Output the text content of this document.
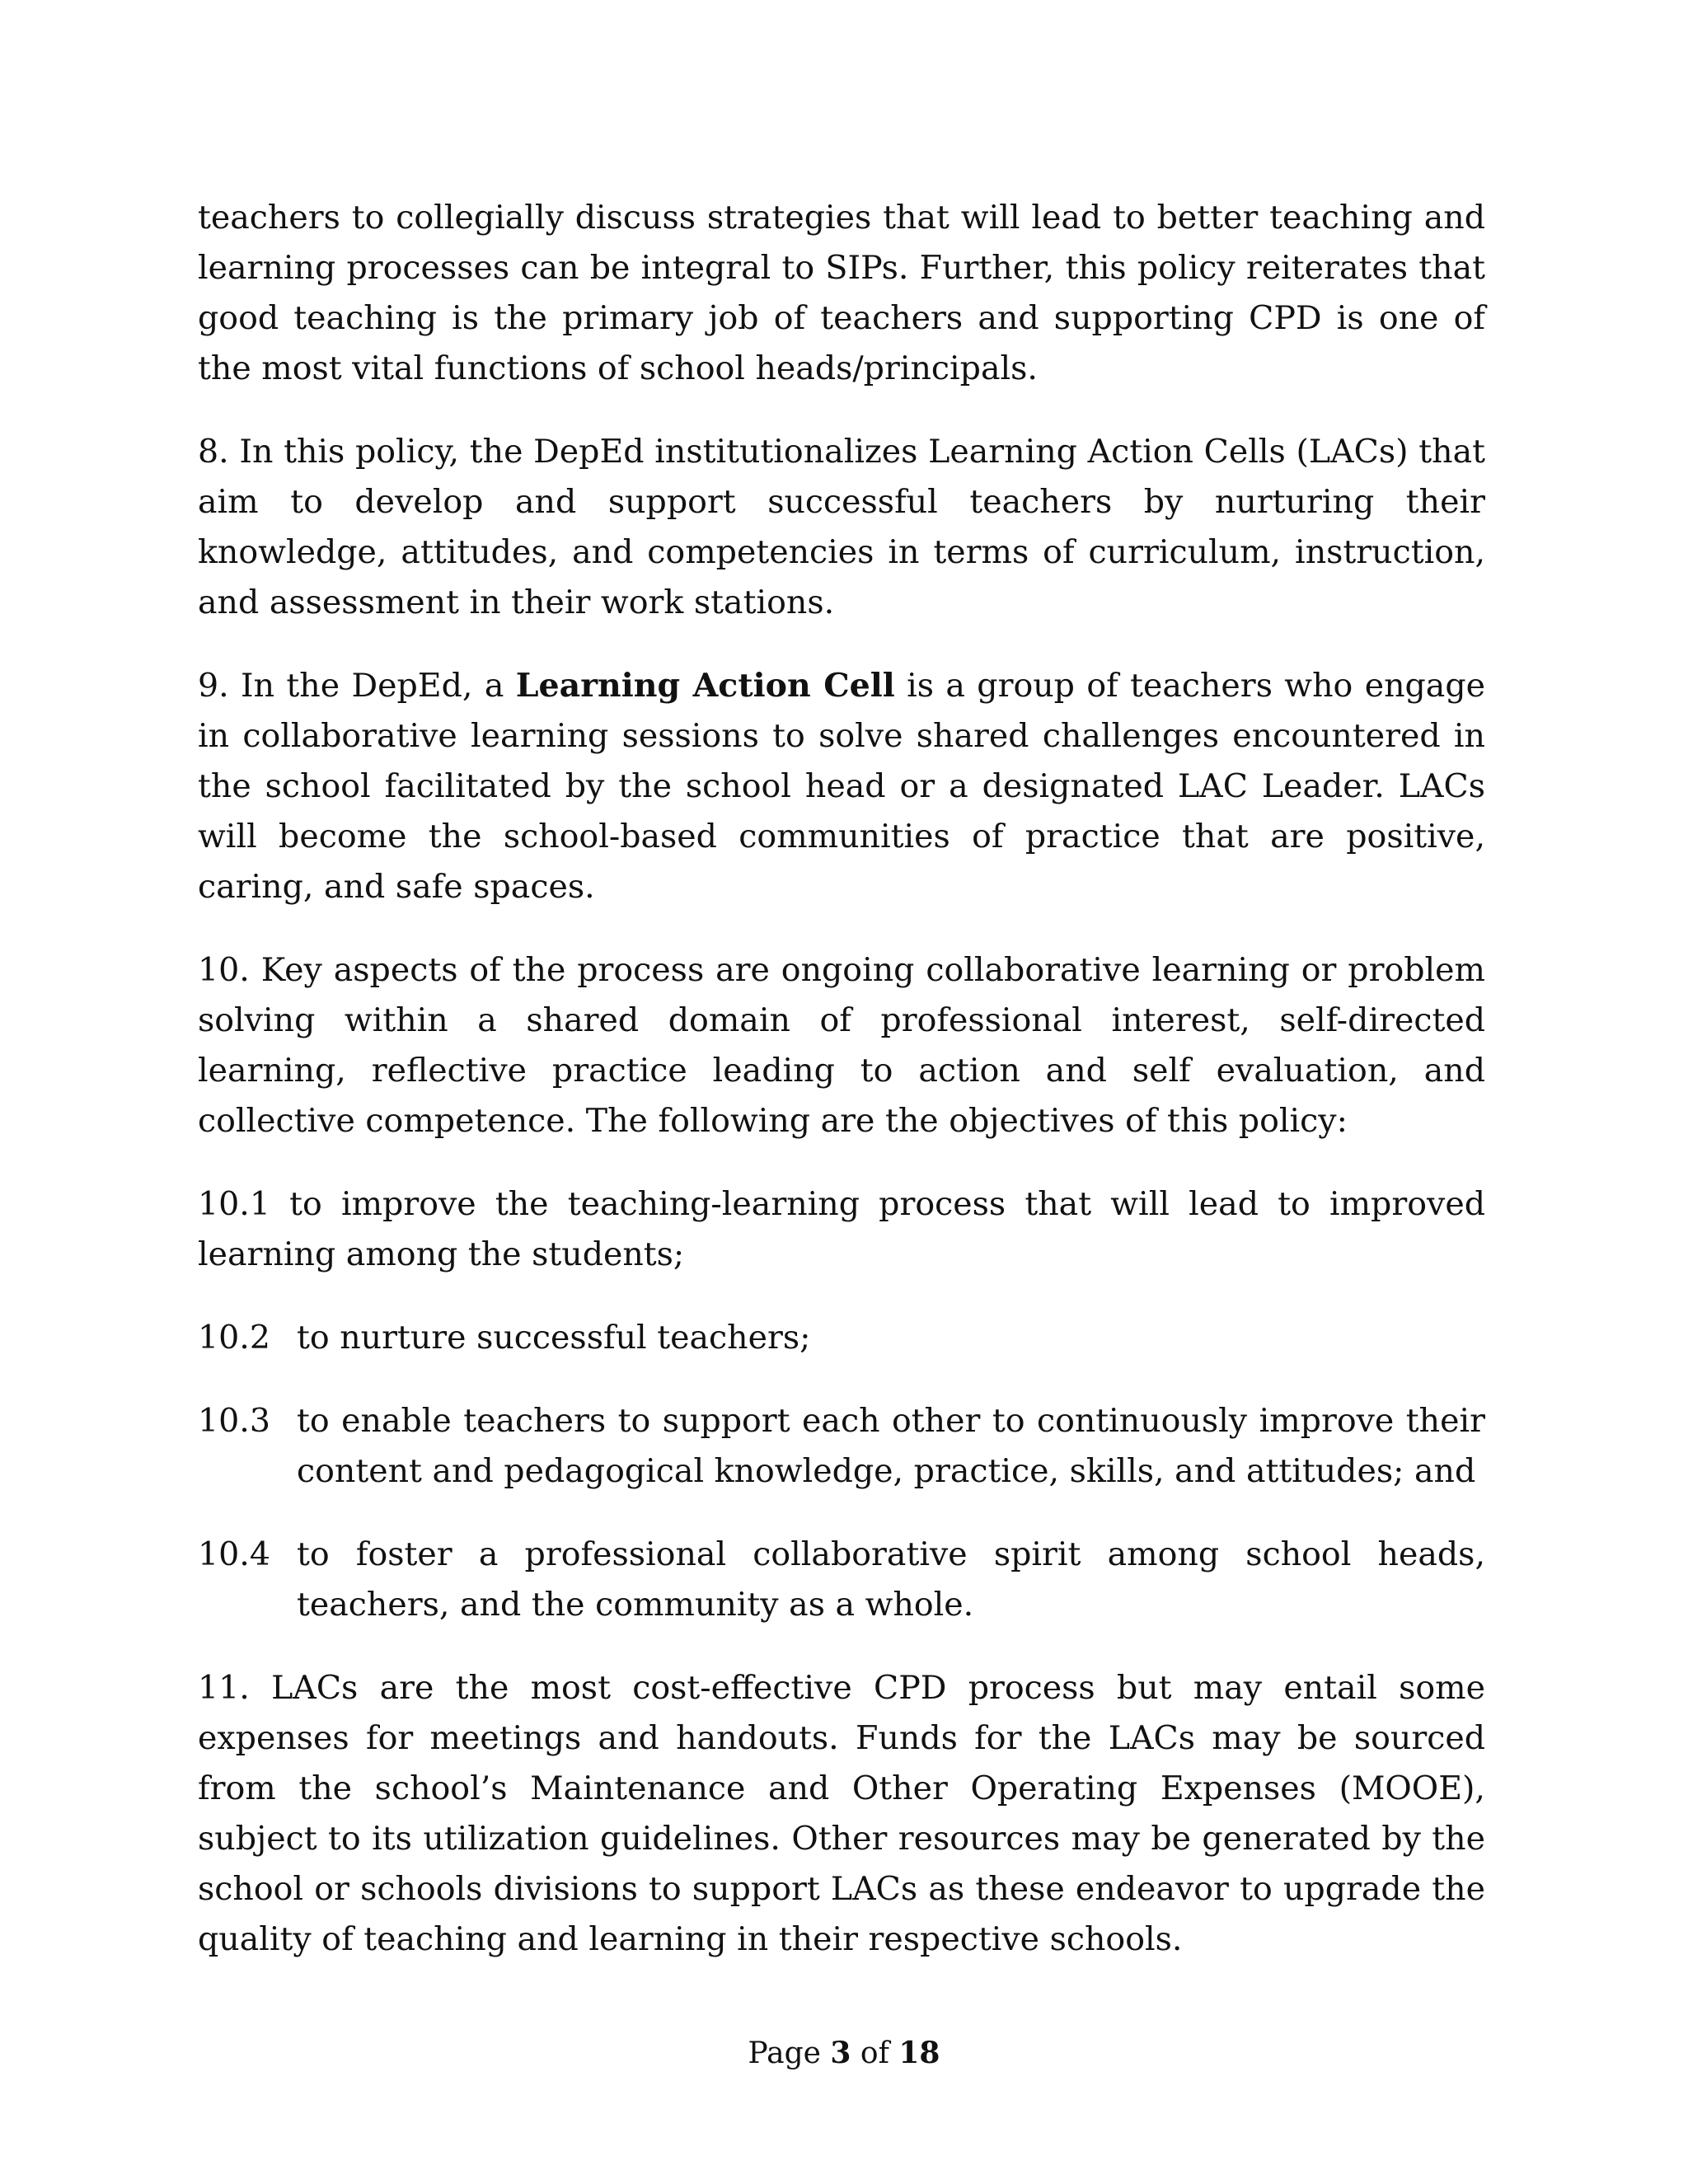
teachers to collegially discuss strategies that will lead to better teaching and learning processes can be integral to SIPs. Further, this policy reiterates that good teaching is the primary job of teachers and supporting CPD is one of the most vital functions of school heads/principals.

8. In this policy, the DepEd institutionalizes Learning Action Cells (LACs) that aim to develop and support successful teachers by nurturing their knowledge, attitudes, and competencies in terms of curriculum, instruction, and assessment in their work stations.

9. In the DepEd, a Learning Action Cell is a group of teachers who engage in collaborative learning sessions to solve shared challenges encountered in the school facilitated by the school head or a designated LAC Leader. LACs will become the school-based communities of practice that are positive, caring, and safe spaces.

10. Key aspects of the process are ongoing collaborative learning or problem solving within a shared domain of professional interest, self-directed learning, reflective practice leading to action and self evaluation, and collective competence. The following are the objectives of this policy:

10.1 to improve the teaching-learning process that will lead to improved learning among the students;

10.2 to nurture successful teachers;
10.3 to enable teachers to support each other to continuously improve their content and pedagogical knowledge, practice, skills, and attitudes; and
10.4 to foster a professional collaborative spirit among school heads, teachers, and the community as a whole.

11. LACs are the most cost-effective CPD process but may entail some expenses for meetings and handouts. Funds for the LACs may be sourced from the school’s Maintenance and Other Operating Expenses (MOOE), subject to its utilization guidelines. Other resources may be generated by the school or schools divisions to support LACs as these endeavor to upgrade the quality of teaching and learning in their respective schools.

Page 3 of 18
